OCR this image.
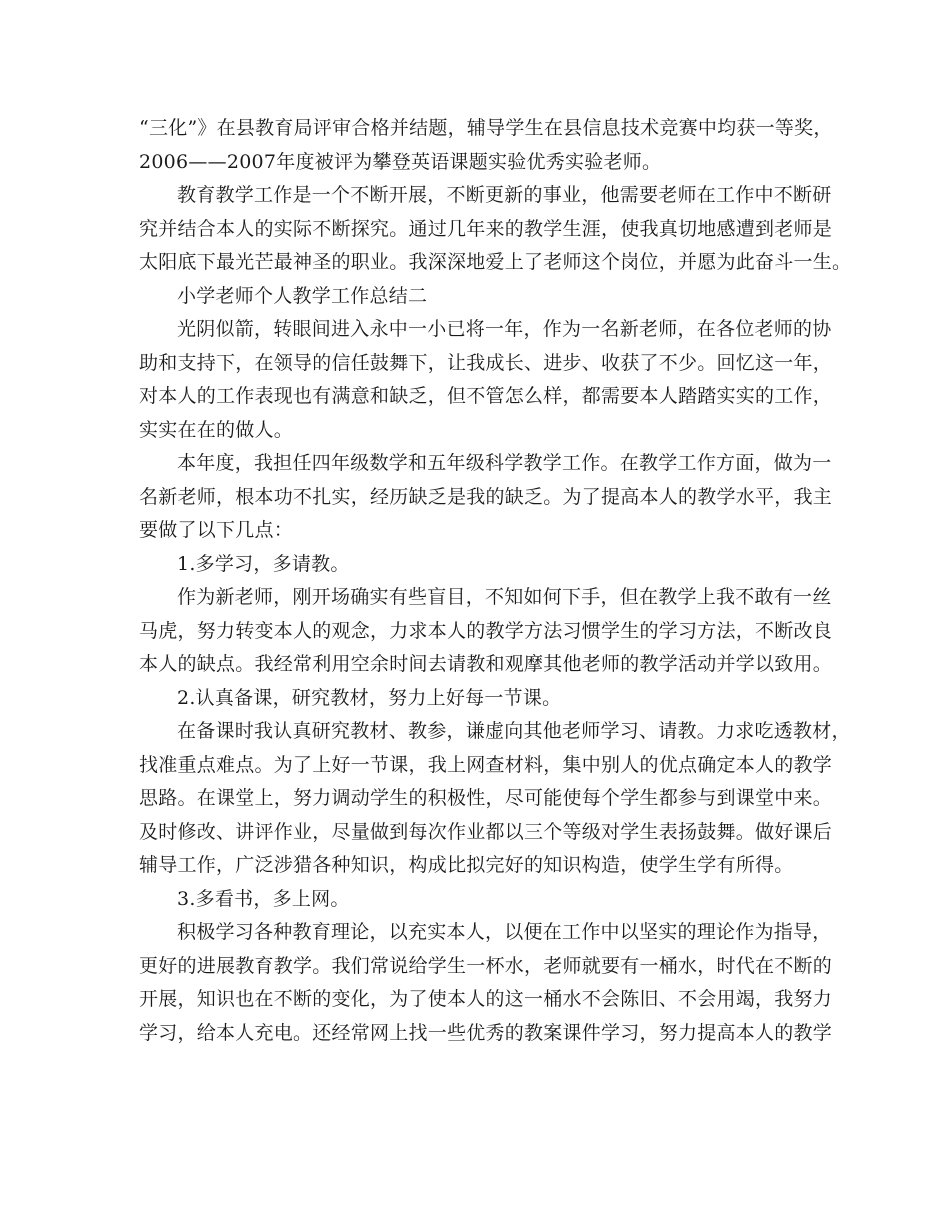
“三化”》在县教育局评审合格并结题，辅导学生在县信息技术竞赛中均获一等奖，
2006——2007年度被评为攀登英语课题实验优秀实验老师。
教育教学工作是一个不断开展，不断更新的事业，他需要老师在工作中不断研
究并结合本人的实际不断探究。通过几年来的教学生涯，使我真切地感遭到老师是
太阳底下最光芒最神圣的职业。我深深地爱上了老师这个岗位，并愿为此奋斗一生。
小学老师个人教学工作总结二
光阴似箭，转眼间进入永中一小已将一年，作为一名新老师，在各位老师的协
助和支持下，在领导的信任鼓舞下，让我成长、进步、收获了不少。回忆这一年，
对本人的工作表现也有满意和缺乏，但不管怎么样，都需要本人踏踏实实的工作，
实实在在的做人。
本年度，我担任四年级数学和五年级科学教学工作。在教学工作方面，做为一
名新老师，根本功不扎实，经历缺乏是我的缺乏。为了提高本人的教学水平，我主
要做了以下几点：
1.多学习，多请教。
作为新老师，刚开场确实有些盲目，不知如何下手，但在教学上我不敢有一丝
马虎，努力转变本人的观念，力求本人的教学方法习惯学生的学习方法，不断改良
本人的缺点。我经常利用空余时间去请教和观摩其他老师的教学活动并学以致用。
2.认真备课，研究教材，努力上好每一节课。
在备课时我认真研究教材、教参，谦虚向其他老师学习、请教。力求吃透教材，
找准重点难点。为了上好一节课，我上网查材料，集中别人的优点确定本人的教学
思路。在课堂上，努力调动学生的积极性，尽可能使每个学生都参与到课堂中来。
及时修改、讲评作业，尽量做到每次作业都以三个等级对学生表扬鼓舞。做好课后
辅导工作，广泛涉猎各种知识，构成比拟完好的知识构造，使学生学有所得。
3.多看书，多上网。
积极学习各种教育理论，以充实本人，以便在工作中以坚实的理论作为指导，
更好的进展教育教学。我们常说给学生一杯水，老师就要有一桶水，时代在不断的
开展，知识也在不断的变化，为了使本人的这一桶水不会陈旧、不会用竭，我努力
学习，给本人充电。还经常网上找一些优秀的教案课件学习，努力提高本人的教学
